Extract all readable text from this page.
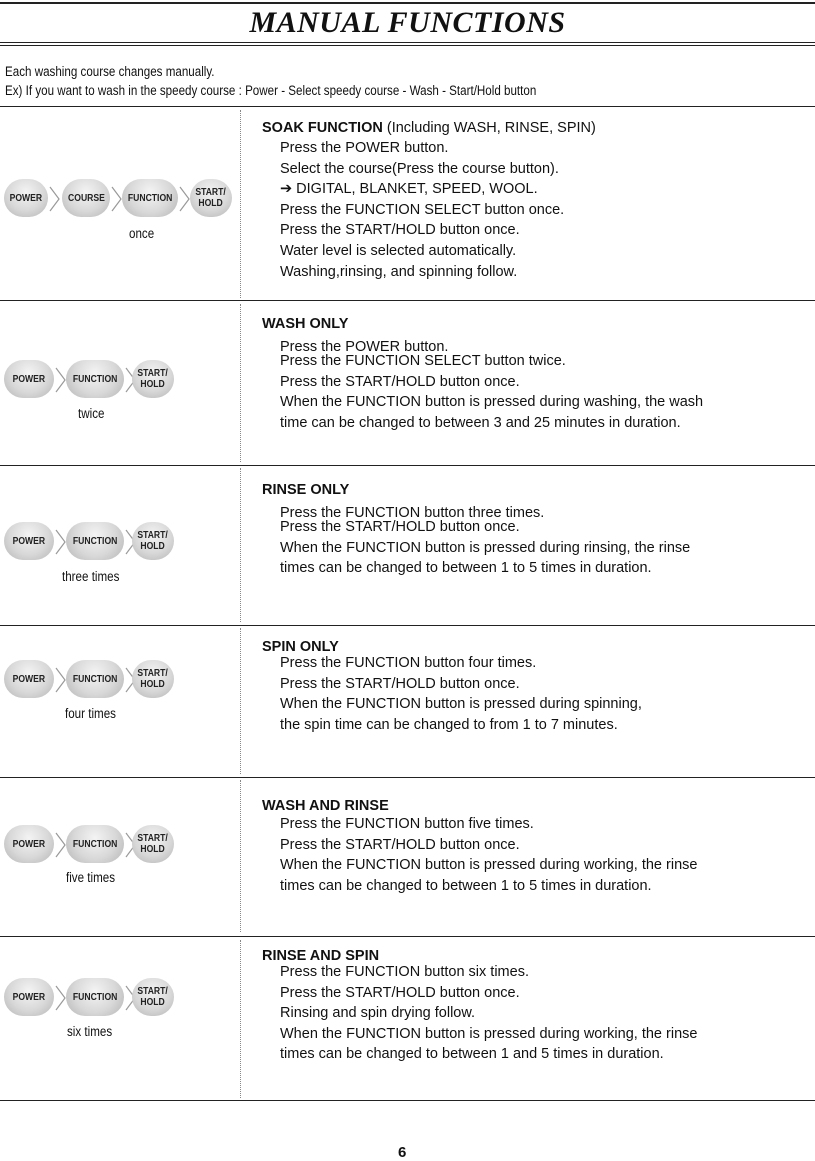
MANUAL FUNCTIONS
Each washing course changes manually.
Ex) If you want to wash in the speedy course : Power - Select speedy course - Wash - Start/Hold button
POWER COURSE FUNCTION START/
HOLD
once
SOAK FUNCTION (Including WASH, RINSE, SPIN)
Press the POWER button.
Select the course(Press the course button).
➔ DIGITAL, BLANKET, SPEED, WOOL.
Press the FUNCTION SELECT button once.
Press the START/HOLD button once.
Water level is selected automatically.
Washing,rinsing, and spinning follow.
POWER	FUNCTION START/
HOLD
twice
WASH ONLY
Press the POWER button.
Press the FUNCTION SELECT button twice.
Press the START/HOLD button once.
When the FUNCTION button is pressed during washing, the wash
time can be changed to between 3 and 25 minutes in duration.
POWER	FUNCTION START/
HOLD
three times
RINSE ONLY
Press the FUNCTION button three times.
Press the START/HOLD button once.
When the FUNCTION button is pressed during rinsing, the rinse
times can be changed to between 1 to 5 times in duration.
POWER	FUNCTION START/
HOLD
four times
SPIN ONLY
Press the FUNCTION button four times.
Press the START/HOLD button once.
When the FUNCTION button is pressed during spinning,
the spin time can be changed to from 1 to 7 minutes.
POWER	FUNCTION START/
HOLD
five times
WASH AND RINSE
Press the FUNCTION button five times.
Press the START/HOLD button once.
When the FUNCTION button is pressed during working, the rinse
times can be changed to between 1 to 5 times in duration.
POWER	FUNCTION START/
HOLD
six times
RINSE AND SPIN
Press the FUNCTION button six times.
Press the START/HOLD button once.
Rinsing and spin drying follow.
When the FUNCTION button is pressed during working, the rinse
times can be changed to between 1 and 5 times in duration.
6
